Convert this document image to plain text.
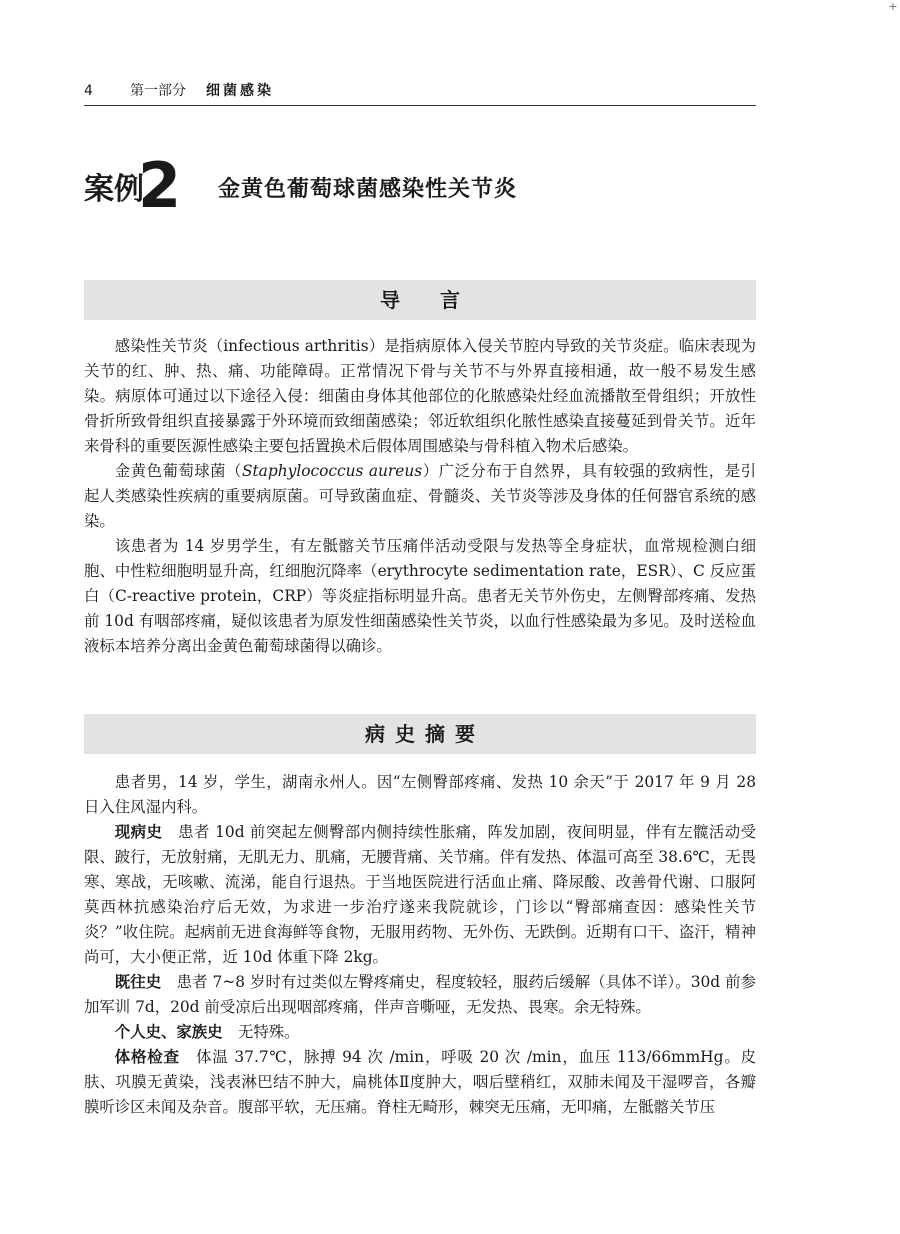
+
4	第一部分 细菌感染
案例
2 金黄色葡萄球菌感染性关节炎
导言

感染性关节炎（infectious arthritis）是指病原体入侵关节腔内导致的关节炎症。临床表现为关节的红、肿、热、痛、功能障碍。正常情况下骨与关节不与外界直接相通，故一般不易发生感染。病原体可通过以下途径入侵：细菌由身体其他部位的化脓感染灶经血流播散至骨组织；开放性骨折所致骨组织直接暴露于外环境而致细菌感染；邻近软组织化脓性感染直接蔓延到骨关节。近年来骨科的重要医源性感染主要包括置换术后假体周围感染与骨科植入物术后感染。

金黄色葡萄球菌（Staphylococcus aureus）广泛分布于自然界，具有较强的致病性，是引起人类感染性疾病的重要病原菌。可导致菌血症、骨髓炎、关节炎等涉及身体的任何器官系统的感染。

该患者为 14 岁男学生，有左骶髂关节压痛伴活动受限与发热等全身症状，血常规检测白细胞、中性粒细胞明显升高，红细胞沉降率（erythrocyte sedimentation rate，ESR）、C 反应蛋白（C-reactive protein，CRP）等炎症指标明显升高。患者无关节外伤史，左侧臀部疼痛、发热前 10d 有咽部疼痛，疑似该患者为原发性细菌感染性关节炎，以血行性感染最为多见。及时送检血液标本培养分离出金黄色葡萄球菌得以确诊。

病史摘要

患者男，14 岁，学生，湖南永州人。因“左侧臀部疼痛、发热 10 余天”于 2017 年 9 月 28 日入住风湿内科。

现病史　 患者 10d 前突起左侧臀部内侧持续性胀痛，阵发加剧，夜间明显，伴有左髋活动受限、跛行，无放射痛，无肌无力、肌痛，无腰背痛、关节痛。伴有发热、体温可高至 38.6℃，无畏寒、寒战，无咳嗽、流涕，能自行退热。于当地医院进行活血止痛、降尿酸、改善骨代谢、口服阿莫西林抗感染治疗后无效，为求进一步治疗遂来我院就诊，门诊以“臀部痛查因：感染性关节炎？”收住院。起病前无进食海鲜等食物，无服用药物、无外伤、无跌倒。近期有口干、盗汗，精神尚可，大小便正常，近 10d 体重下降 2kg。

既往史　 患者 7~8 岁时有过类似左臀疼痛史，程度较轻，服药后缓解（具体不详）。30d 前参加军训 7d，20d 前受凉后出现咽部疼痛，伴声音嘶哑，无发热、畏寒。余无特殊。

个人史、家族史　 无特殊。

体格检查　 体温 37.7℃，脉搏 94 次 /min，呼吸 20 次 /min，血压 113/66mmHg。皮肤、巩膜无黄染，浅表淋巴结不肿大，扁桃体Ⅱ度肿大，咽后壁稍红，双肺未闻及干湿啰音，各瓣膜听诊区未闻及杂音。腹部平软，无压痛。脊柱无畸形，棘突无压痛，无叩痛，左骶髂关节压
